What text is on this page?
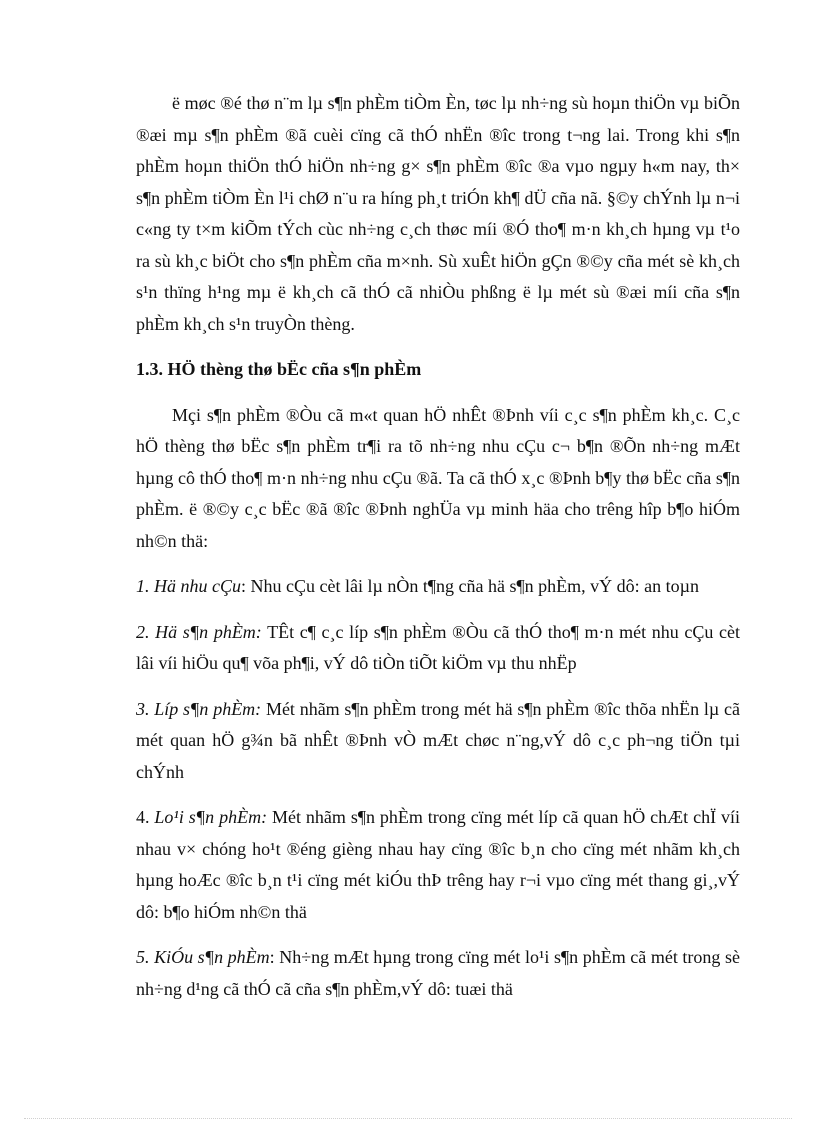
ë møc ®é thø n¨m lµ s¶n phÈm tiÒm Èn, tøc lµ nh÷ng sù hoµn thiÖn vµ biÕn ®æi mµ s¶n phÈm ®ã cuèi cïng cã thÓ nhËn ®îc trong t¬ng lai. Trong khi s¶n phÈm hoµn thiÖn thÓ hiÖn nh÷ng g× s¶n phÈm ®îc ®a vµo ngµy h«m nay, th× s¶n phÈm tiÒm Èn l¹i chØ n¨u ra híng ph¸t triÓn kh¶ dÜ cña nã. §©y chÝnh lµ n¬i c«ng ty t×m kiÕm tÝch cùc nh÷ng c¸ch thøc míi ®Ó tho¶ m·n kh¸ch hµng vµ t¹o ra sù kh¸c biÖt cho s¶n phÈm cña m×nh. Sù xuÊt hiÖn gÇn ®©y cña mét sè kh¸ch s¹n thïng h¹ng mµ ë kh¸ch cã thÓ cã nhiÒu phßng ë lµ mét sù ®æi míi cña s¶n phÈm kh¸ch s¹n truyÒn thèng.

1.3. HÖ thèng thø bËc cña s¶n phÈm

Mçi s¶n phÈm ®Òu cã m«t quan hÖ nhÊt ®Þnh víi c¸c s¶n phÈm kh¸c. C¸c hÖ thèng thø bËc s¶n phÈm tr¶i ra tõ nh÷ng nhu cÇu c¬ b¶n ®Õn nh÷ng mÆt hµng cô thÓ tho¶ m·n nh÷ng nhu cÇu ®ã. Ta cã thÓ x¸c ®Þnh b¶y thø bËc cña s¶n phÈm. ë ®©y c¸c bËc ®ã ®îc ®Þnh nghÜa vµ minh häa cho trêng hîp b¶o hiÓm nh©n thä:

1. Hä nhu cÇu: Nhu cÇu cèt lâi lµ nÒn t¶ng cña hä s¶n phÈm, vÝ dô: an toµn

2. Hä s¶n phÈm: TÊt c¶ c¸c líp s¶n phÈm ®Òu cã thÓ tho¶ m·n mét nhu cÇu cèt lâi víi hiÖu qu¶ võa ph¶i, vÝ dô tiÒn tiÕt kiÖm vµ thu nhËp

3. Líp s¶n phÈm: Mét nhãm s¶n phÈm trong mét hä s¶n phÈm ®îc thõa nhËn lµ cã mét quan hÖ g¾n bã nhÊt ®Þnh vÒ mÆt chøc n¨ng,vÝ dô c¸c ph¬ng tiÖn tµi chÝnh

4. Lo¹i s¶n phÈm: Mét nhãm s¶n phÈm trong cïng mét líp cã quan hÖ chÆt chÏ víi nhau v× chóng ho¹t ®éng gièng nhau hay cïng ®îc b¸n cho cïng mét nhãm kh¸ch hµng hoÆc ®îc b¸n t¹i cïng mét kiÓu thÞ trêng hay r¬i vµo cïng mét thang gi¸,vÝ dô: b¶o hiÓm nh©n thä

5. KiÓu s¶n phÈm: Nh÷ng mÆt hµng trong cïng mét lo¹i s¶n phÈm cã mét trong sè nh÷ng d¹ng cã thÓ cã cña s¶n phÈm,vÝ dô: tuæi thä
